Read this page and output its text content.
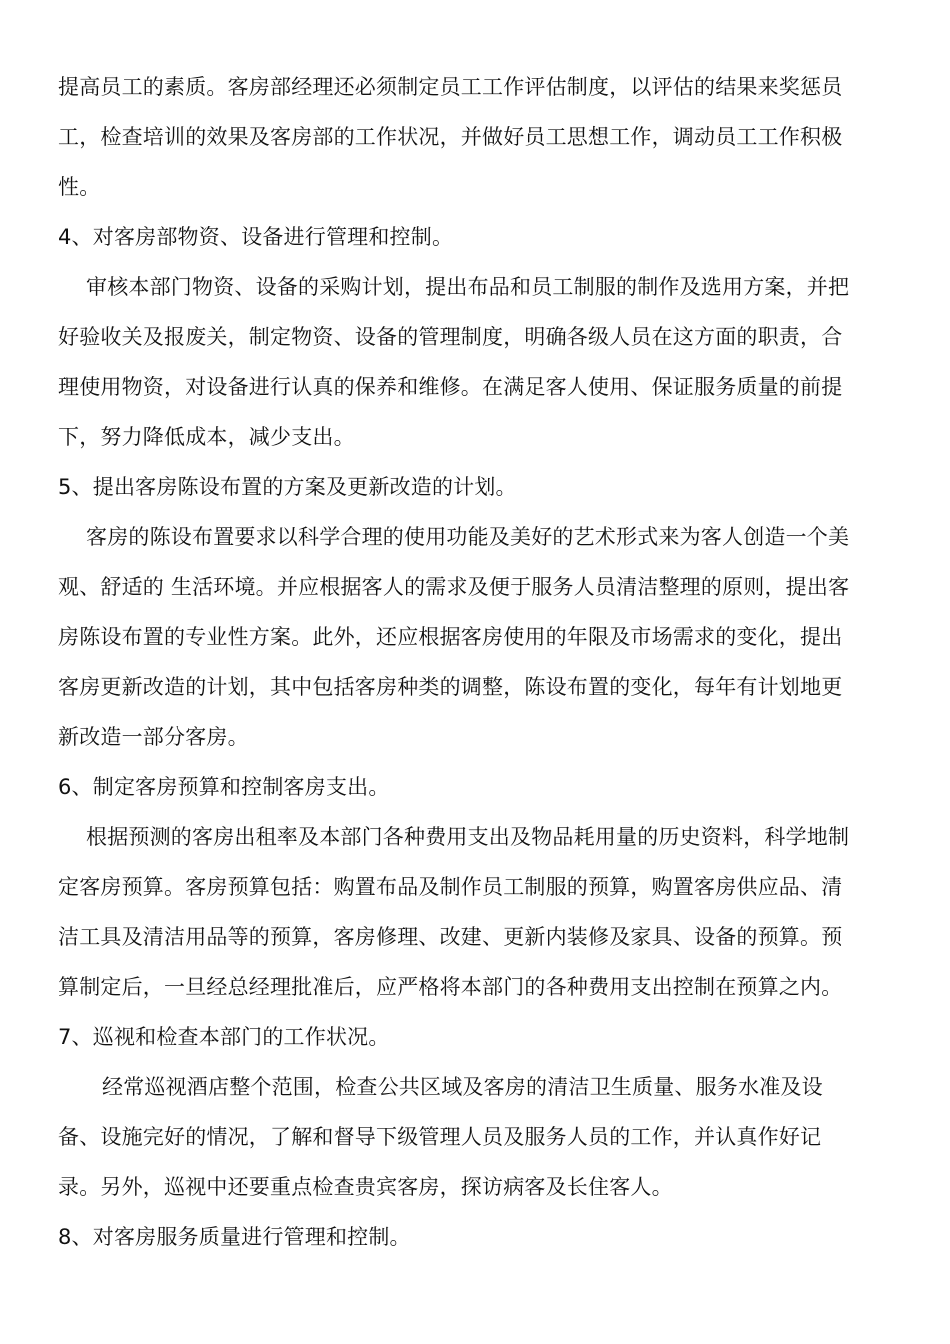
提高员工的素质。客房部经理还必须制定员工工作评估制度，以评估的结果来奖惩员
工，检查培训的效果及客房部的工作状况，并做好员工思想工作，调动员工工作积极
性。
4、对客房部物资、设备进行管理和控制。
审核本部门物资、设备的采购计划，提出布品和员工制服的制作及选用方案，并把
好验收关及报废关，制定物资、设备的管理制度，明确各级人员在这方面的职责，合
理使用物资，对设备进行认真的保养和维修。在满足客人使用、保证服务质量的前提
下，努力降低成本，减少支出。
5、提出客房陈设布置的方案及更新改造的计划。
客房的陈设布置要求以科学合理的使用功能及美好的艺术形式来为客人创造一个美
观、舒适的 生活环境。并应根据客人的需求及便于服务人员清洁整理的原则，提出客
房陈设布置的专业性方案。此外，还应根据客房使用的年限及市场需求的变化，提出
客房更新改造的计划，其中包括客房种类的调整，陈设布置的变化，每年有计划地更
新改造一部分客房。
6、制定客房预算和控制客房支出。
根据预测的客房出租率及本部门各种费用支出及物品耗用量的历史资料，科学地制
定客房预算。客房预算包括：购置布品及制作员工制服的预算，购置客房供应品、清
洁工具及清洁用品等的预算，客房修理、改建、更新内装修及家具、设备的预算。预
算制定后，一旦经总经理批准后，应严格将本部门的各种费用支出控制在预算之内。
7、巡视和检查本部门的工作状况。
经常巡视酒店整个范围，检查公共区域及客房的清洁卫生质量、服务水准及设
备、设施完好的情况，了解和督导下级管理人员及服务人员的工作，并认真作好记
录。另外，巡视中还要重点检查贵宾客房，探访病客及长住客人。
8、对客房服务质量进行管理和控制。
